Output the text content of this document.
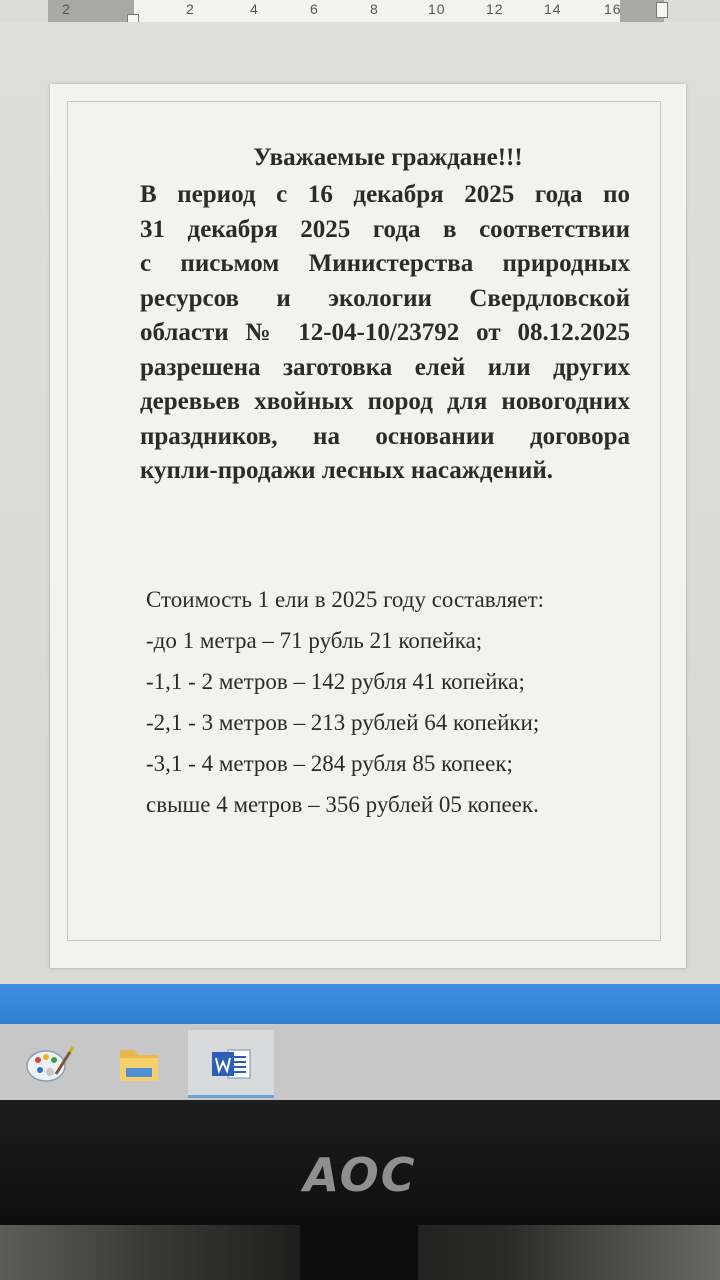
2	2	4	6	8	10	12	14	16
Уважаемые граждане!!!
В период с 16 декабря 2025 года по
31 декабря 2025 года в соответствии
с письмом Министерства природных
ресурсов и экологии Свердловской
области № 12-04-10/23792 от 08.12.2025
разрешена заготовка елей или других
деревьев хвойных пород для новогодних
праздников, на основании договора
купли-продажи лесных насаждений.
Стоимость 1 ели в 2025 году составляет:
-до 1 метра – 71 рубль 21 копейка;
-1,1 - 2 метров – 142 рубля 41 копейка;
-2,1 - 3 метров – 213 рублей 64 копейки;
-3,1 - 4 метров – 284 рубля 85 копеек;
свыше 4 метров – 356 рублей 05 копеек.
AOC
